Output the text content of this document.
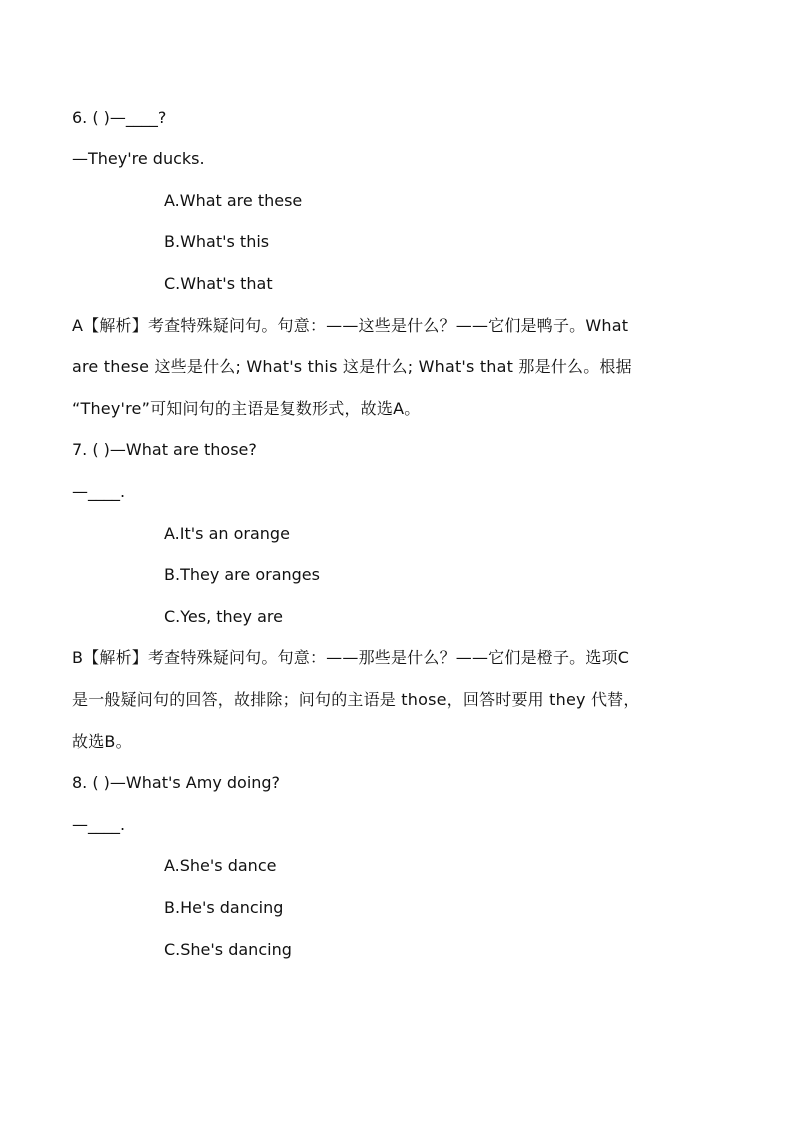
6. ( )—____?
—They're ducks.
A.What are these
B.What's this
C.What's that
A【解析】考查特殊疑问句。句意：——这些是什么？——它们是鸭子。What
are these 这些是什么; What's this 这是什么; What's that 那是什么。根据
“They're”可知问句的主语是复数形式，故选A。
7. ( )—What are those?
—____.
A.It's an orange
B.They are oranges
C.Yes, they are
B【解析】考查特殊疑问句。句意：——那些是什么？——它们是橙子。选项C
是一般疑问句的回答，故排除；问句的主语是 those，回答时要用 they 代替，
故选B。
8. ( )—What's Amy doing?
—____.
A.She's dance
B.He's dancing
C.She's dancing
